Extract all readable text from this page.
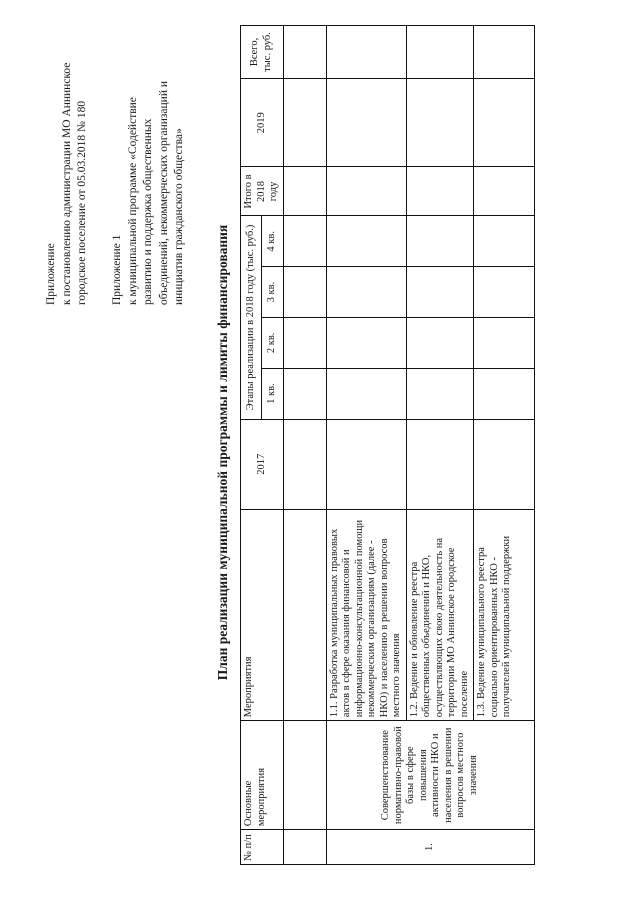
Приложение к постановлению администрации МО Аннинское городское поселение от 05.03.2018 № 180 Приложение 1 к муниципальной программе «Содействие развитию и поддержка общественных объединений, некоммерческих организаций и инициатив гражданского общества»
План реализации муниципальной программы и лимиты финансирования
№ п/п	Основные мероприятия	Мероприятия	2017	Этапы реализации в 2018 году (тыс. руб.)				Итого в 2018 году	2019	Всего, тыс. руб.
				1 кв.	2 кв.	3 кв.	4 кв.			

1.	Совершенствование нормативно-правовой базы в сфере повышения активности НКО и населения в решении вопросов местного значения	1.1. Разработка муниципальных правовых актов в сфере оказания финансовой и информационно-консультационной помощи некоммерческим организациям (далее - НКО) и населению в решении вопросов местного значения								
		1.2. Ведение и обновление реестра общественных объединений и НКО, осуществляющих свою деятельность на территории МО Аннинское городское поселение								
		1.3. Ведение муниципального реестра социально ориентированных НКО - получателей муниципальной поддержки								
